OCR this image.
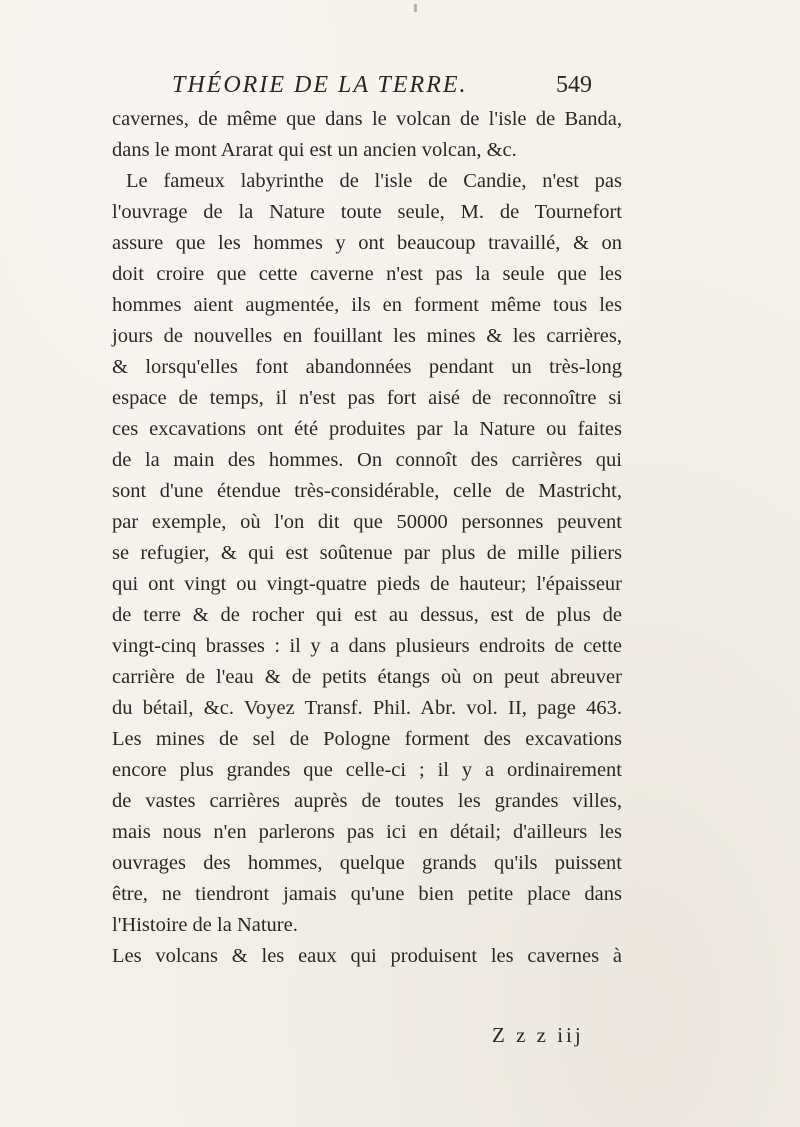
THÉORIE DE LA TERRE.	549
cavernes, de même que dans le volcan de l'isle de Banda,
dans le mont Ararat qui est un ancien volcan, &c.
Le fameux labyrinthe de l'isle de Candie, n'est pas
l'ouvrage de la Nature toute seule, M. de Tournefort
assure que les hommes y ont beaucoup travaillé, & on
doit croire que cette caverne n'est pas la seule que les
hommes aient augmentée, ils en forment même tous les
jours de nouvelles en fouillant les mines & les carrières,
& lorsqu'elles font abandonnées pendant un très-long
espace de temps, il n'est pas fort aisé de reconnoître si
ces excavations ont été produites par la Nature ou faites
de la main des hommes. On connoît des carrières qui
sont d'une étendue très-considérable, celle de Mastricht,
par exemple, où l'on dit que 50000 personnes peuvent
se refugier, & qui est soûtenue par plus de mille piliers
qui ont vingt ou vingt-quatre pieds de hauteur; l'épaisseur
de terre & de rocher qui est au dessus, est de plus de
vingt-cinq brasses : il y a dans plusieurs endroits de cette
carrière de l'eau & de petits étangs où on peut abreuver
du bétail, &c. Voyez Transf. Phil. Abr. vol. II, page 463.
Les mines de sel de Pologne forment des excavations
encore plus grandes que celle-ci ; il y a ordinairement
de vastes carrières auprès de toutes les grandes villes,
mais nous n'en parlerons pas ici en détail; d'ailleurs les
ouvrages des hommes, quelque grands qu'ils puissent
être, ne tiendront jamais qu'une bien petite place dans
l'Histoire de la Nature.
Les volcans & les eaux qui produisent les cavernes à
Z z z iij
